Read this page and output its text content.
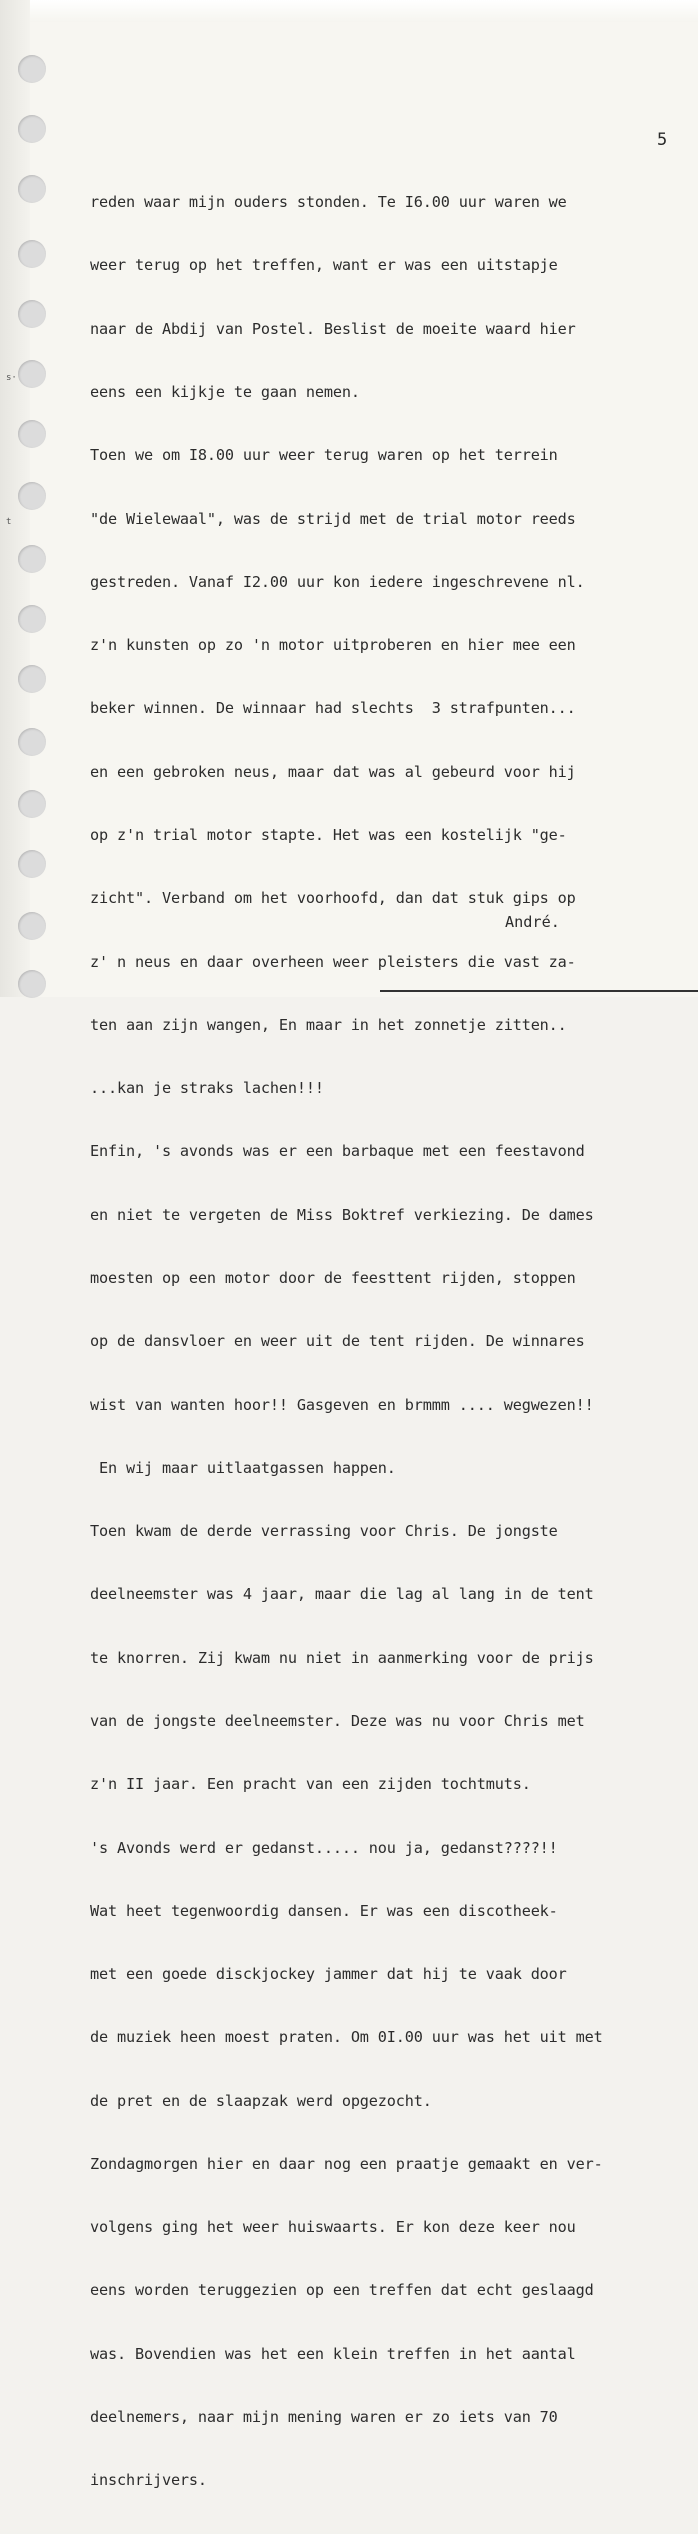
s·
t
5

reden waar mijn ouders stonden. Te I6.00 uur waren we

weer terug op het treffen, want er was een uitstapje

naar de Abdij van Postel. Beslist de moeite waard hier

eens een kijkje te gaan nemen.

Toen we om I8.00 uur weer terug waren op het terrein

"de Wielewaal", was de strijd met de trial motor reeds

gestreden. Vanaf I2.00 uur kon iedere ingeschrevene nl.

z'n kunsten op zo 'n motor uitproberen en hier mee een

beker winnen. De winnaar had slechts  3 strafpunten...

en een gebroken neus, maar dat was al gebeurd voor hij

op z'n trial motor stapte. Het was een kostelijk "ge-

zicht". Verband om het voorhoofd, dan dat stuk gips op

z' n neus en daar overheen weer pleisters die vast za-

ten aan zijn wangen, En maar in het zonnetje zitten..

...kan je straks lachen!!!

Enfin, 's avonds was er een barbaque met een feestavond

en niet te vergeten de Miss Boktref verkiezing. De dames

moesten op een motor door de feesttent rijden, stoppen

op de dansvloer en weer uit de tent rijden. De winnares

wist van wanten hoor!! Gasgeven en brmmm .... wegwezen!!

En wij maar uitlaatgassen happen.

Toen kwam de derde verrassing voor Chris. De jongste

deelneemster was 4 jaar, maar die lag al lang in de tent

te knorren. Zij kwam nu niet in aanmerking voor de prijs

van de jongste deelneemster. Deze was nu voor Chris met

z'n II jaar. Een pracht van een zijden tochtmuts.

's Avonds werd er gedanst..... nou ja, gedanst????!!

Wat heet tegenwoordig dansen. Er was een discotheek-

met een goede disckjockey jammer dat hij te vaak door

de muziek heen moest praten. Om 0I.00 uur was het uit met

de pret en de slaapzak werd opgezocht.

Zondagmorgen hier en daar nog een praatje gemaakt en ver-

volgens ging het weer huiswaarts. Er kon deze keer nou

eens worden teruggezien op een treffen dat echt geslaagd

was. Bovendien was het een klein treffen in het aantal

deelnemers, naar mijn mening waren er zo iets van 70

inschrijvers.

André.
